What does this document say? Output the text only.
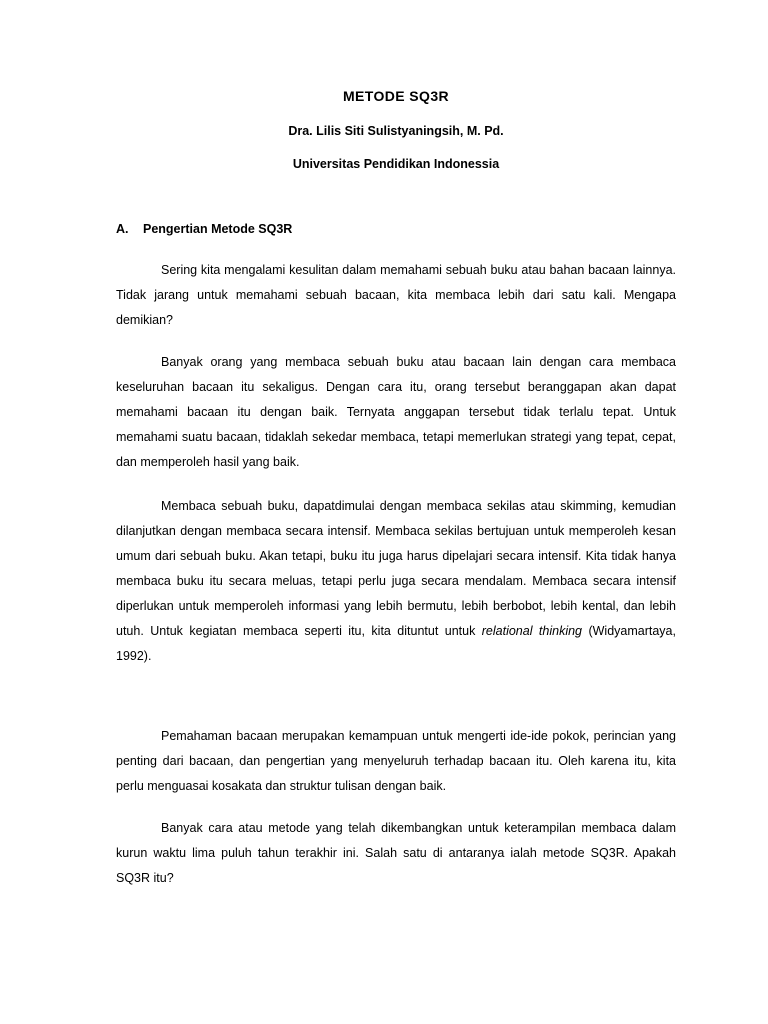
METODE SQ3R
Dra. Lilis Siti Sulistyaningsih, M. Pd.
Universitas Pendidikan Indonessia
A. Pengertian Metode SQ3R

Sering kita mengalami kesulitan dalam memahami sebuah buku atau bahan bacaan lainnya. Tidak jarang untuk memahami sebuah bacaan, kita membaca lebih dari satu kali. Mengapa demikian?

Banyak orang yang membaca sebuah buku atau bacaan lain dengan cara membaca keseluruhan bacaan itu sekaligus. Dengan cara itu, orang tersebut beranggapan akan dapat memahami bacaan itu dengan baik. Ternyata anggapan tersebut tidak terlalu tepat. Untuk memahami suatu bacaan, tidaklah sekedar membaca, tetapi memerlukan strategi yang tepat, cepat, dan memperoleh hasil yang baik.

Membaca sebuah buku, dapatdimulai dengan membaca sekilas atau skimming, kemudian dilanjutkan dengan membaca secara intensif. Membaca sekilas bertujuan untuk memperoleh kesan umum dari sebuah buku. Akan tetapi, buku itu juga harus dipelajari secara intensif. Kita tidak hanya membaca buku itu secara meluas, tetapi perlu juga secara mendalam. Membaca secara intensif diperlukan untuk memperoleh informasi yang lebih bermutu, lebih berbobot, lebih kental, dan lebih utuh. Untuk kegiatan membaca seperti itu, kita dituntut untuk relational thinking (Widyamartaya, 1992).

Pemahaman bacaan merupakan kemampuan untuk mengerti ide-ide pokok, perincian yang penting dari bacaan, dan pengertian yang menyeluruh terhadap bacaan itu. Oleh karena itu, kita perlu menguasai kosakata dan struktur tulisan dengan baik.

Banyak cara atau metode yang telah dikembangkan untuk keterampilan membaca dalam kurun waktu lima puluh tahun terakhir ini. Salah satu di antaranya ialah metode SQ3R. Apakah SQ3R itu?
